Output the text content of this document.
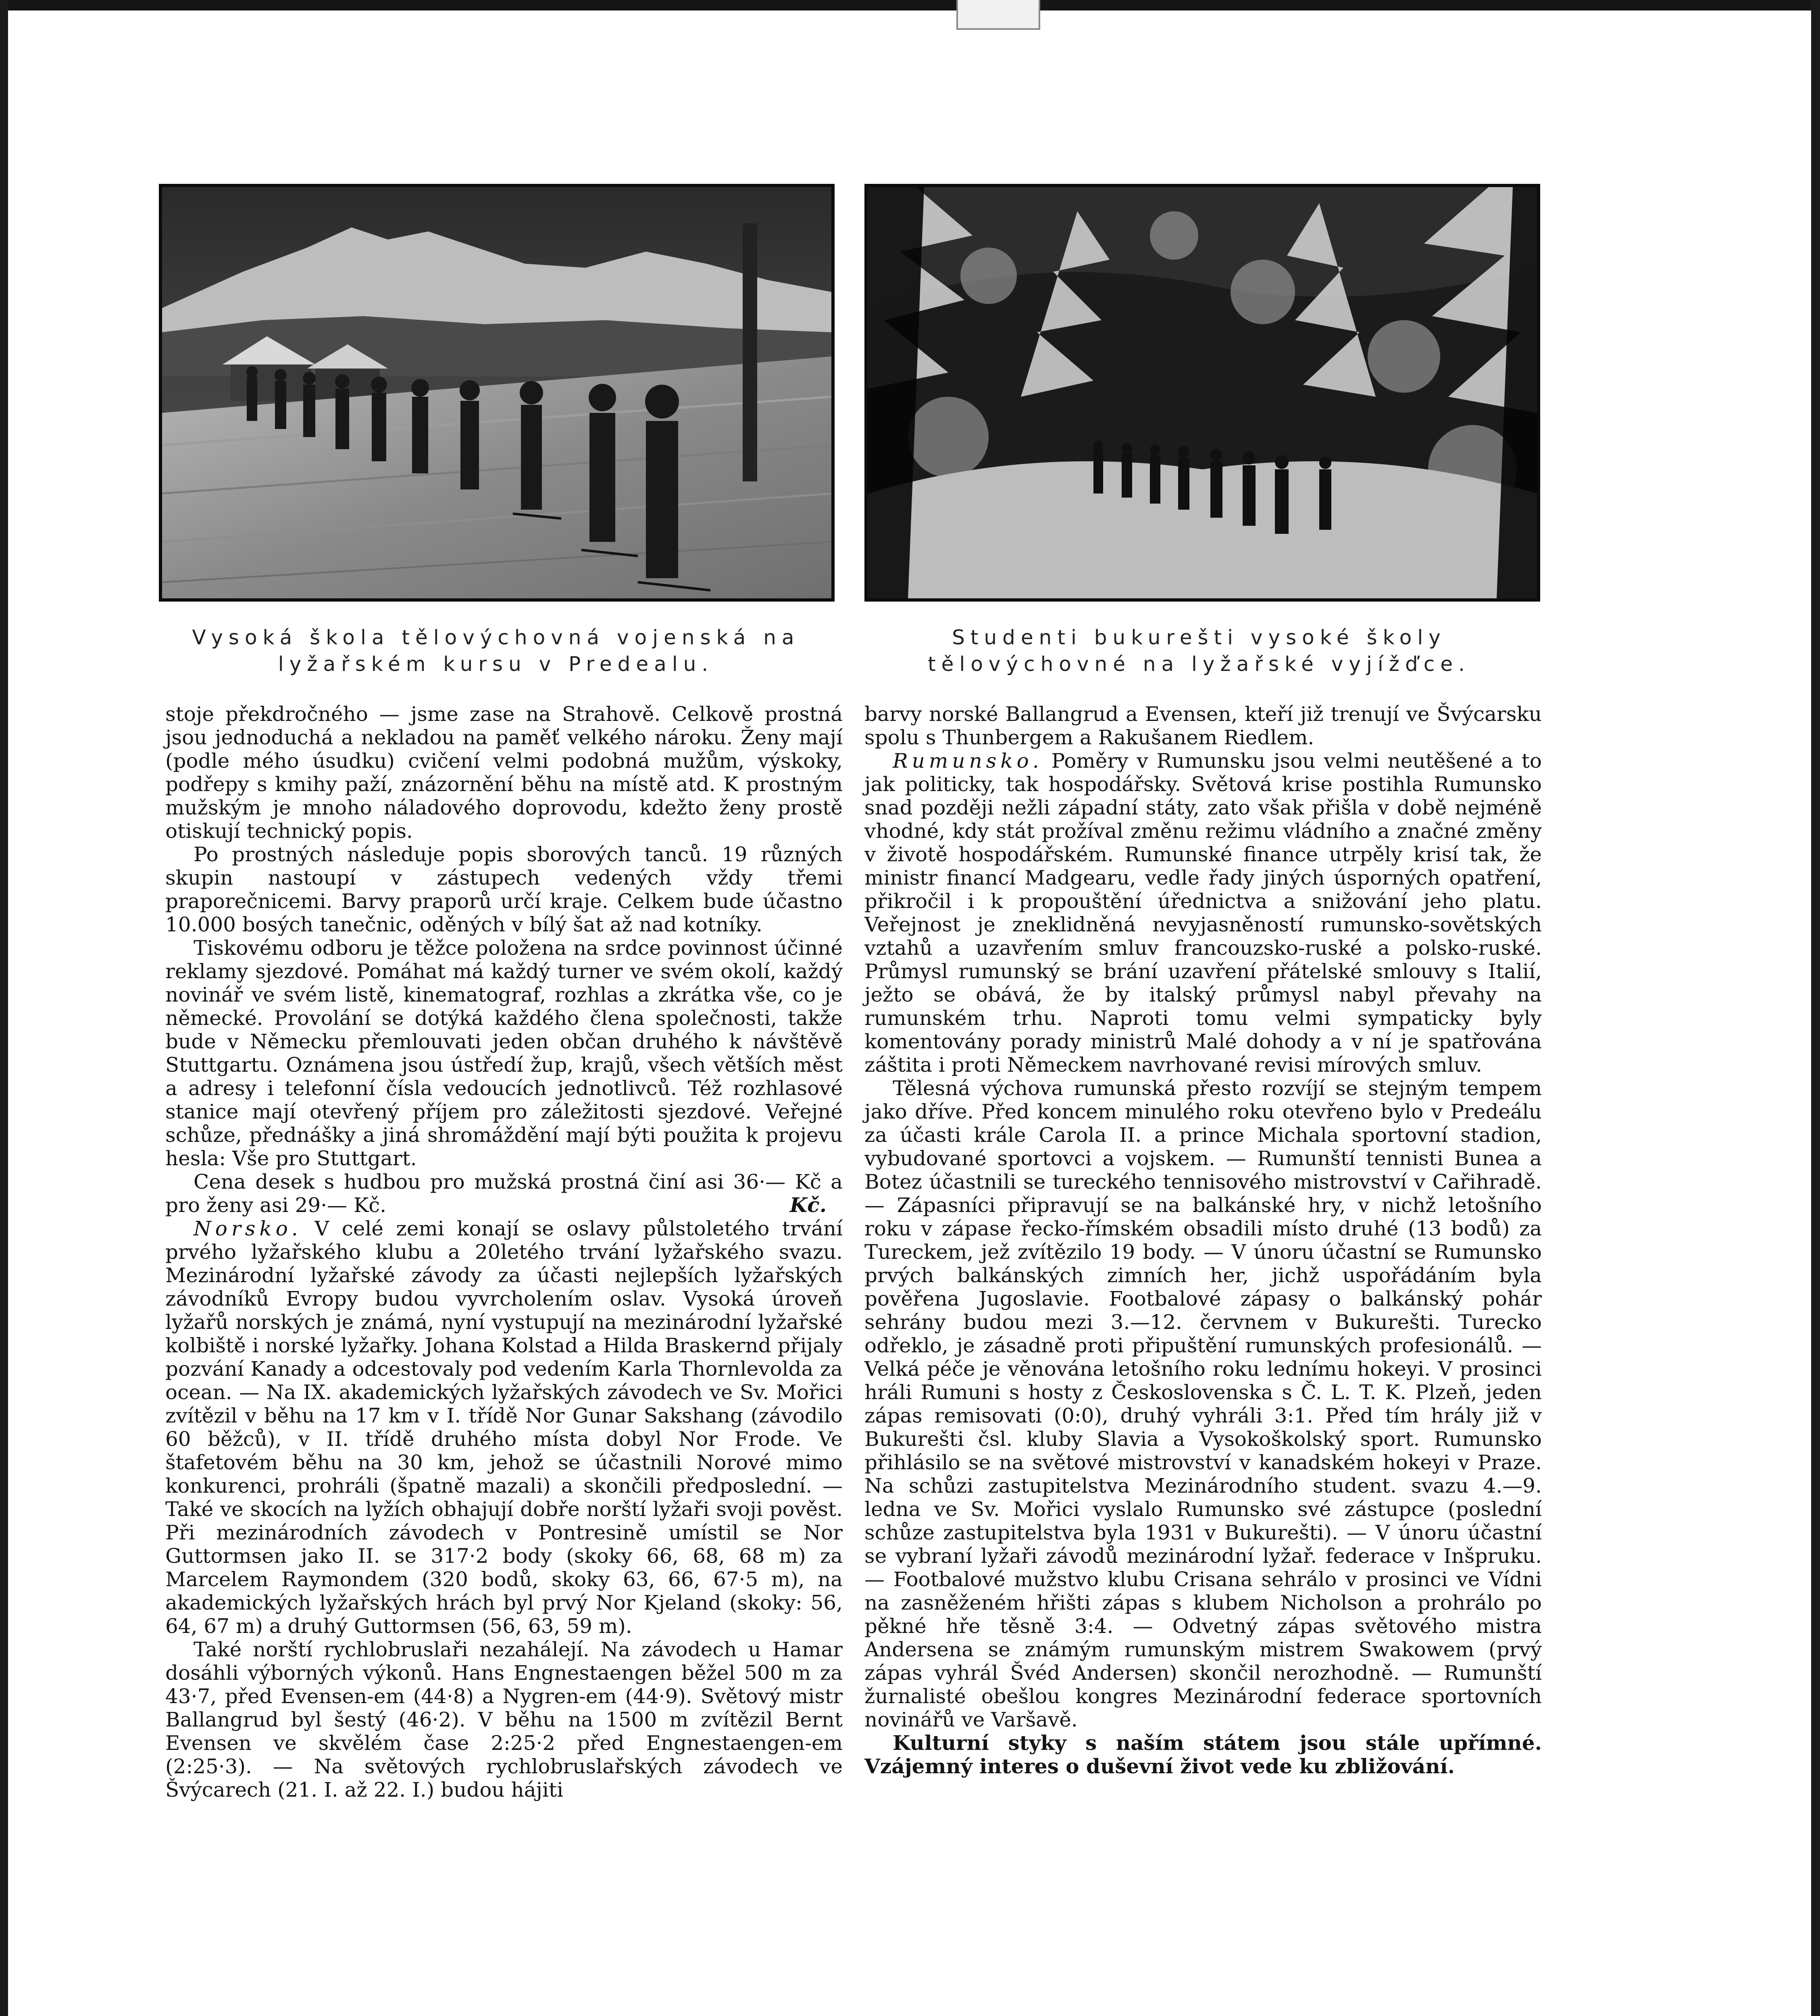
Vysoká škola tělovýchovná vojenská na lyžařském kursu v Predealu.
Studenti bukurešti vysoké školy tělovýchovné na lyžařské vyjížďce.

stoje překdročného — jsme zase na Strahově. Celkově prostná jsou jednoduchá a nekladou na paměť velkého nároku. Ženy mají (podle mého úsudku) cvičení velmi podobná mužům, výskoky, podřepy s kmihy paží, znázornění běhu na místě atd. K prostným mužským je mnoho náladového doprovodu, kdežto ženy prostě otiskují technický popis.

Po prostných následuje popis sborových tanců. 19 různých skupin nastoupí v zástupech vedených vždy třemi praporečnicemi. Barvy praporů určí kraje. Celkem bude účastno 10.000 bosých tanečnic, oděných v bílý šat až nad kotníky.

Tiskovému odboru je těžce položena na srdce povinnost účinné reklamy sjezdové. Pomáhat má každý turner ve svém okolí, každý novinář ve svém listě, kinematograf, rozhlas a zkrátka vše, co je německé. Provolání se dotýká každého člena společnosti, takže bude v Německu přemlouvati jeden občan druhého k návštěvě Stuttgartu. Oznámena jsou ústředí žup, krajů, všech větších měst a adresy i telefonní čísla vedoucích jednotlivců. Též rozhlasové stanice mají otevřený příjem pro záležitosti sjezdové. Veřejné schůze, přednášky a jiná shromáždění mají býti použita k projevu hesla: Vše pro Stuttgart.

Cena desek s hudbou pro mužská prostná činí asi 36·— Kč a pro ženy asi 29·— Kč.	Kč.

Norsko. V celé zemi konají se oslavy půlstoletého trvání prvého lyžařského klubu a 20letého trvání lyžařského svazu. Mezinárodní lyžařské závody za účasti nejlepších lyžařských závodníků Evropy budou vyvrcholením oslav. Vysoká úroveň lyžařů norských je známá, nyní vystupují na mezinárodní lyžařské kolbiště i norské lyžařky. Johana Kolstad a Hilda Braskernd přijaly pozvání Kanady a odcestovaly pod vedením Karla Thornlevolda za ocean. — Na IX. akademických lyžařských závodech ve Sv. Mořici zvítězil v běhu na 17 km v I. třídě Nor Gunar Sakshang (závodilo 60 běžců), v II. třídě druhého místa dobyl Nor Frode. Ve štafetovém běhu na 30 km, jehož se účastnili Norové mimo konkurenci, prohráli (špatně mazali) a skončili předposlední. — Také ve skocích na lyžích obhajují dobře norští lyžaři svoji pověst. Při mezinárodních závodech v Pontresině umístil se Nor Guttormsen jako II. se 317·2 body (skoky 66, 68, 68 m) za Marcelem Raymondem (320 bodů, skoky 63, 66, 67·5 m), na akademických lyžařských hrách byl prvý Nor Kjeland (skoky: 56, 64, 67 m) a druhý Guttormsen (56, 63, 59 m).

Také norští rychlobruslaři nezahálejí. Na závodech u Hamar dosáhli výborných výkonů. Hans Engnestaengen běžel 500 m za 43·7, před Evensen-em (44·8) a Nygren-em (44·9). Světový mistr Ballangrud byl šestý (46·2). V běhu na 1500 m zvítězil Bernt Evensen ve skvělém čase 2:25·2 před Engnestaengen-em (2:25·3). — Na světových rychlobruslařských závodech ve Švýcarech (21. I. až 22. I.) budou hájiti

barvy norské Ballangrud a Evensen, kteří již trenují ve Švýcarsku spolu s Thunbergem a Rakušanem Riedlem.

Rumunsko. Poměry v Rumunsku jsou velmi neutěšené a to jak politicky, tak hospodářsky. Světová krise postihla Rumunsko snad později nežli západní státy, zato však přišla v době nejméně vhodné, kdy stát prožíval změnu režimu vládního a značné změny v životě hospodářském. Rumunské finance utrpěly krisí tak, že ministr financí Madgearu, vedle řady jiných úsporných opatření, přikročil i k propouštění úřednictva a snižování jeho platu. Veřejnost je zneklidněná nevyjasněností rumunsko-sovětských vztahů a uzavřením smluv francouzsko-ruské a polsko-ruské. Průmysl rumunský se brání uzavření přátelské smlouvy s Italií, ježto se obává, že by italský průmysl nabyl převahy na rumunském trhu. Naproti tomu velmi sympaticky byly komentovány porady ministrů Malé dohody a v ní je spatřována záštita i proti Německem navrhované revisi mírových smluv.

Tělesná výchova rumunská přesto rozvíjí se stejným tempem jako dříve. Před koncem minulého roku otevřeno bylo v Predeálu za účasti krále Carola II. a prince Michala sportovní stadion, vybudované sportovci a vojskem. — Rumunští tennisti Bunea a Botez účastnili se tureckého tennisového mistrovství v Cařihradě. — Zápasníci připravují se na balkánské hry, v nichž letošního roku v zápase řecko-římském obsadili místo druhé (13 bodů) za Tureckem, jež zvítězilo 19 body. — V únoru účastní se Rumunsko prvých balkánských zimních her, jichž uspořádáním byla pověřena Jugoslavie. Footbalové zápasy o balkánský pohár sehrány budou mezi 3.—12. červnem v Bukurešti. Turecko odřeklo, je zásadně proti připuštění rumunských profesionálů. — Velká péče je věnována letošního roku lednímu hokeyi. V prosinci hráli Rumuni s hosty z Československa s Č. L. T. K. Plzeň, jeden zápas remisovati (0:0), druhý vyhráli 3:1. Před tím hrály již v Bukurešti čsl. kluby Slavia a Vysokoškolský sport. Rumunsko přihlásilo se na světové mistrovství v kanadském hokeyi v Praze. Na schůzi zastupitelstva Mezinárodního student. svazu 4.—9. ledna ve Sv. Mořici vyslalo Rumunsko své zástupce (poslední schůze zastupitelstva byla 1931 v Bukurešti). — V únoru účastní se vybraní lyžaři závodů mezinárodní lyžař. federace v Inšpruku. — Footbalové mužstvo klubu Crisana sehrálo v prosinci ve Vídni na zasněženém hřišti zápas s klubem Nicholson a prohrálo po pěkné hře těsně 3:4. — Odvetný zápas světového mistra Andersena se známým rumunským mistrem Swakowem (prvý zápas vyhrál Švéd Andersen) skončil nerozhodně. — Rumunští žurnalisté obešlou kongres Mezinárodní federace sportovních novinářů ve Varšavě.

Kulturní styky s naším státem jsou stále upřímné. Vzájemný interes o duševní život vede ku zbližování.
